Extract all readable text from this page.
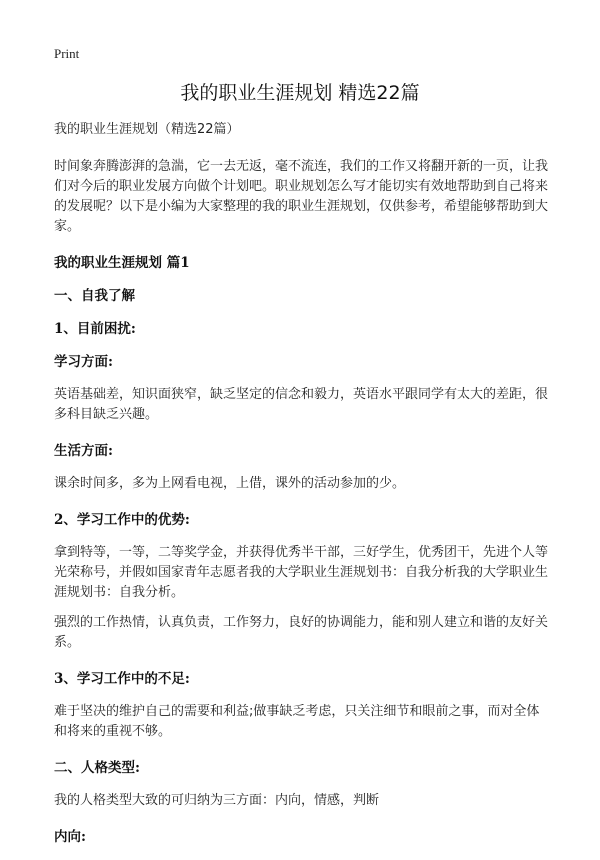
Print
我的职业生涯规划 精选22篇

我的职业生涯规划（精选22篇）

时间象奔腾澎湃的急湍，它一去无返，毫不流连，我们的工作又将翻开新的一页，让我们对今后的职业发展方向做个计划吧。职业规划怎么写才能切实有效地帮助到自己将来的发展呢？以下是小编为大家整理的我的职业生涯规划，仅供参考，希望能够帮助到大家。

我的职业生涯规划 篇1
一、自我了解
1、目前困扰:
学习方面:

英语基础差，知识面狭窄，缺乏坚定的信念和毅力，英语水平跟同学有太大的差距，很多科目缺乏兴趣。

生活方面:

课余时间多，多为上网看电视，上借，课外的活动参加的少。

2、学习工作中的优势:

拿到特等，一等，二等奖学金，并获得优秀半干部，三好学生，优秀团干，先进个人等光荣称号，并假如国家青年志愿者我的大学职业生涯规划书：自我分析我的大学职业生涯规划书：自我分析。

强烈的工作热情，认真负责，工作努力，良好的协调能力，能和别人建立和谐的友好关系。

3、学习工作中的不足:

难于坚决的维护自己的需要和利益;做事缺乏考虑，只关注细节和眼前之事，而对全体和将来的重视不够。

二、人格类型:

我的人格类型大致的可归纳为三方面：内向，情感，判断

内向:
